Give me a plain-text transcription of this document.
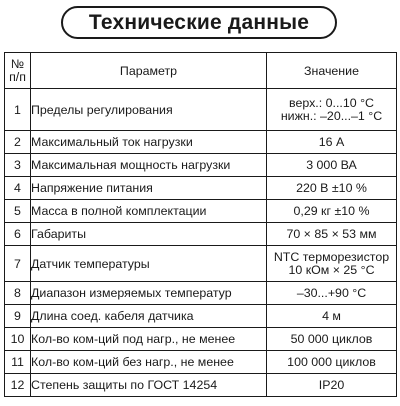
Технические данные
№
п/п	Параметр	Значение
1	Пределы регулирования	верх.: 0...10 °С
нижн.: –20...–1 °С

2	Максимальный ток нагрузки	16 А
3	Максимальная мощность нагрузки	3 000 ВА
4	Напряжение питания	220 В ±10 %
5	Масса в полной комплектации	0,29 кг ±10 %
6	Габариты	70 × 85 × 53 мм
7	Датчик температуры	NTC терморезистор
10 кОм × 25 °С

8	Диапазон измеряемых температур	–30...+90 °С
9	Длина соед. кабеля датчика	4 м
10	Кол-во ком-ций под нагр., не менее	50 000 циклов
11	Кол-во ком-ций без нагр., не менее	100 000 циклов
12	Степень защиты по ГОСТ 14254	IP20
